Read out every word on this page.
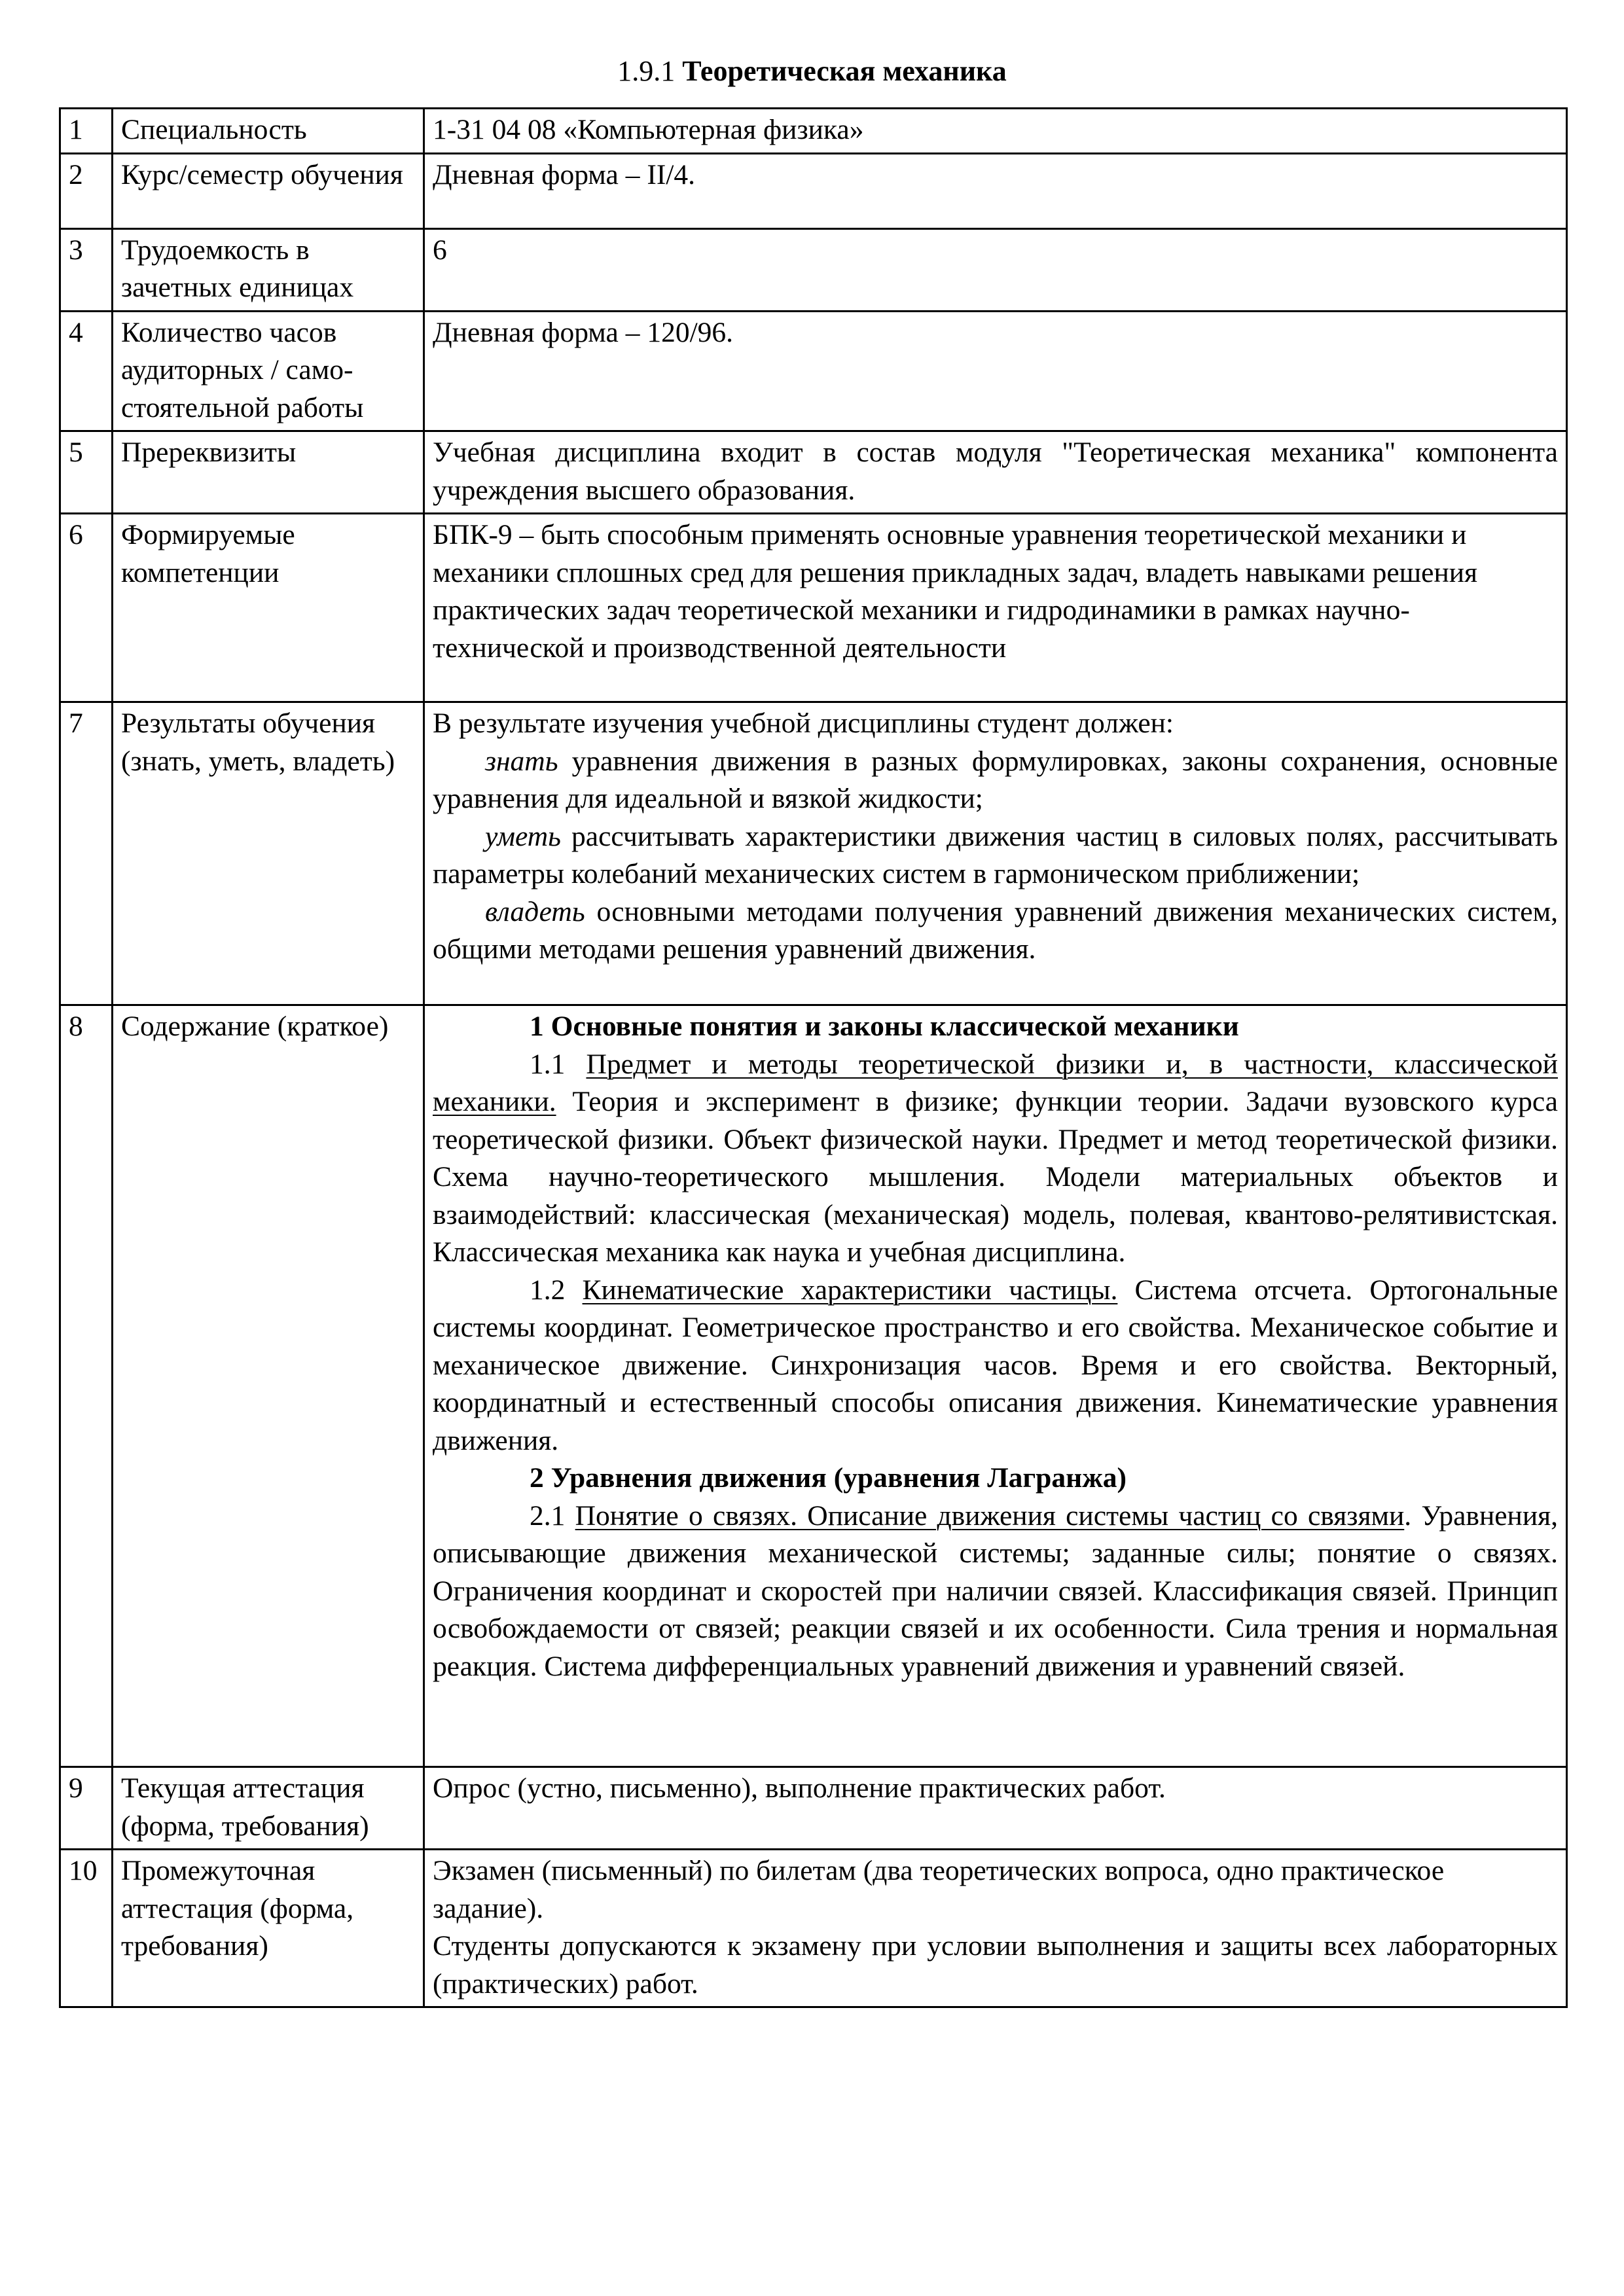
1.9.1 Теоретическая механика
1	Специальность	1-31 04 08 «Компьютерная физика»
2	Курс/семестр обучения	Дневная форма – II/4.
3	Трудоемкость в зачетных единицах	6
4	Количество часов аудиторных / само-стоятельной работы	Дневная форма – 120/96.
5	Пререквизиты	Учебная дисциплина входит в состав модуля "Теоретическая механика" компонента учреждения высшего образования.
6	Формируемые компетенции	БПК-9 – быть способным применять основные уравнения теоретической механики и механики сплошных сред для решения прикладных задач, владеть навыками решения практических задач теоретической механики и гидродинамики в рамках научно-технической и производственной деятельности
7	Результаты обучения (знать, уметь, владеть)	В результате изучения учебной дисциплины студент должен:

знать уравнения движения в разных формулировках, законы сохранения, основные уравнения для идеальной и вязкой жидкости;

уметь рассчитывать характеристики движения частиц в силовых полях, рассчитывать параметры колебаний механических систем в гармоническом приближении;

владеть основными методами получения уравнений движения механических систем, общими методами решения уравнений движения.

8	Содержание (краткое)	1 Основные понятия и законы классической механики

1.1 Предмет и методы теоретической физики и, в частности, классической механики. Теория и эксперимент в физике; функции теории. Задачи вузовского курса теоретической физики. Объект физической науки. Предмет и метод теоретической физики. Схема научно-теоретического мышления. Модели материальных объектов и взаимодействий: классическая (механическая) модель, полевая, квантово-релятивистская. Классическая механика как наука и учебная дисциплина.

1.2 Кинематические характеристики частицы. Система отсчета. Ортогональные системы координат. Геометрическое пространство и его свойства. Механическое событие и механическое движение. Синхронизация часов. Время и его свойства. Векторный, координатный и естественный способы описания движения. Кинематические уравнения движения.

2 Уравнения движения (уравнения Лагранжа)

2.1 Понятие о связях. Описание движения системы частиц со связями. Уравнения, описывающие движения механической системы; заданные силы; понятие о связях. Ограничения координат и скоростей при наличии связей. Классификация связей. Принцип освобождаемости от связей; реакции связей и их особенности. Сила трения и нормальная реакция. Система дифференциальных уравнений движения и уравнений связей.

9	Текущая аттестация (форма, требования)	Опрос (устно, письменно), выполнение практических работ.
10	Промежуточная аттестация (форма, требования)	Экзамен (письменный) по билетам (два теоретических вопроса, одно практическое задание).

Студенты допускаются к экзамену при условии выполнения и защиты всех лабораторных (практических) работ.
